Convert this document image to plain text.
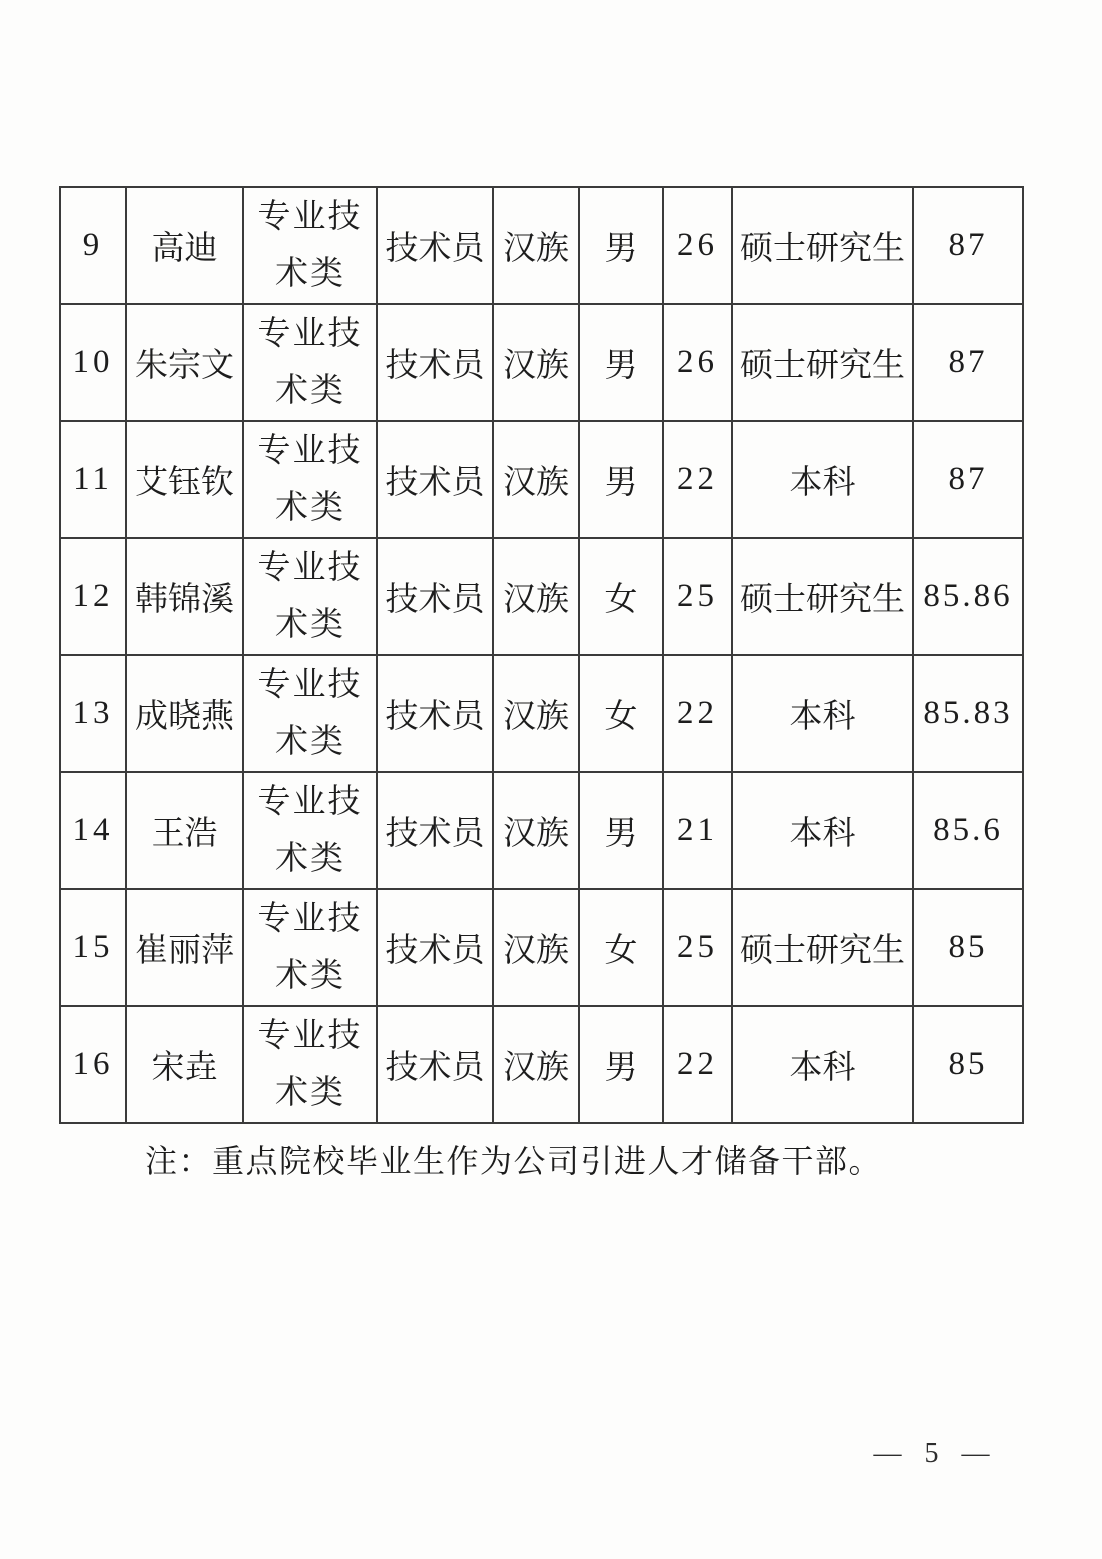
9	高迪	专业技术类	技术员	汉族	男	26	硕士研究生	87
10	朱宗文	专业技术类	技术员	汉族	男	26	硕士研究生	87
11	艾钰钦	专业技术类	技术员	汉族	男	22	本科	87
12	韩锦溪	专业技术类	技术员	汉族	女	25	硕士研究生	85.86
13	成晓燕	专业技术类	技术员	汉族	女	22	本科	85.83
14	王浩	专业技术类	技术员	汉族	男	21	本科	85.6
15	崔丽萍	专业技术类	技术员	汉族	女	25	硕士研究生	85
16	宋垚	专业技术类	技术员	汉族	男	22	本科	85
注：重点院校毕业生作为公司引进人才储备干部。
— 5 —
